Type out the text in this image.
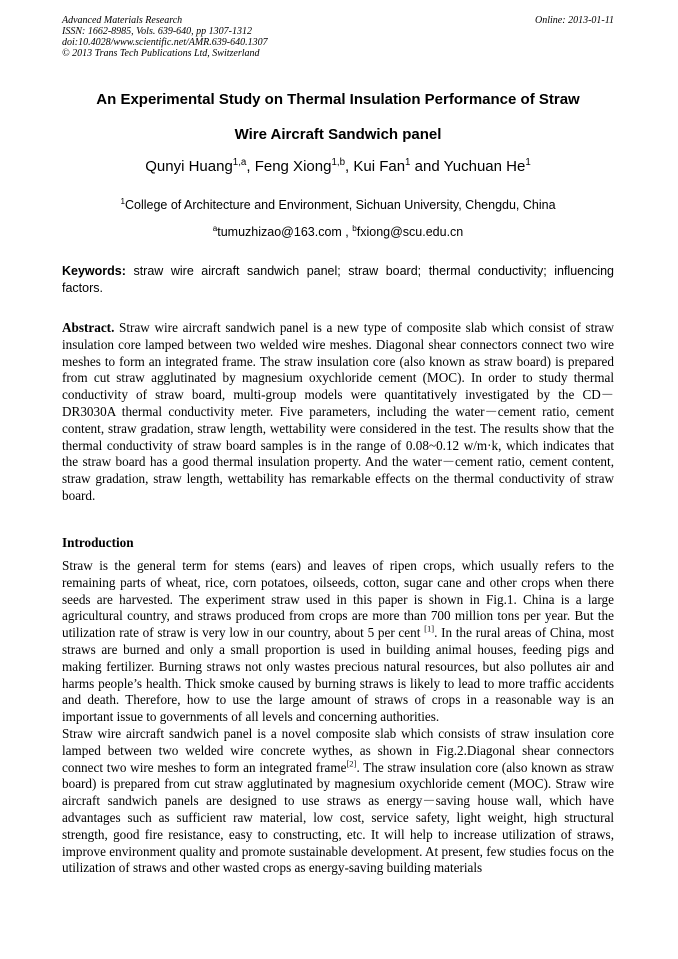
Advanced Materials Research
ISSN: 1662-8985, Vols. 639-640, pp 1307-1312
doi:10.4028/www.scientific.net/AMR.639-640.1307
© 2013 Trans Tech Publications Ltd, Switzerland
Online: 2013-01-11
An Experimental Study on Thermal Insulation Performance of Straw
Wire Aircraft Sandwich panel
Qunyi Huang$^{1,a}$, Feng Xiong$^{1,b}$, Kui Fan$^1$ and Yuchuan He$^1$
$^1$College of Architecture and Environment, Sichuan University, Chengdu, China
$^a$tumuzhizao@163.com , $^b$fxiong@scu.edu.cn
Keywords: straw wire aircraft sandwich panel; straw board; thermal conductivity; influencing factors.

Abstract. Straw wire aircraft sandwich panel is a new type of composite slab which consist of straw insulation core lamped between two welded wire meshes. Diagonal shear connectors connect two wire meshes to form an integrated frame. The straw insulation core (also known as straw board) is prepared from cut straw agglutinated by magnesium oxychloride cement (MOC). In order to study thermal conductivity of straw board, multi-group models were quantitatively investigated by the CD－DR3030A thermal conductivity meter. Five parameters, including the water－cement ratio, cement content, straw gradation, straw length, wettability were considered in the test. The results show that the thermal conductivity of straw board samples is in the range of 0.08~0.12 w/m·k, which indicates that the straw board has a good thermal insulation property. And the water－cement ratio, cement content, straw gradation, straw length, wettability has remarkable effects on the thermal conductivity of straw board.

Introduction

Straw is the general term for stems (ears) and leaves of ripen crops, which usually refers to the remaining parts of wheat, rice, corn potatoes, oilseeds, cotton, sugar cane and other crops when there seeds are harvested. The experiment straw used in this paper is shown in Fig.1. China is a large agricultural country, and straws produced from crops are more than 700 million tons per year. But the utilization rate of straw is very low in our country, about 5 per cent [1]. In the rural areas of China, most straws are burned and only a small proportion is used in building animal houses, feeding pigs and making fertilizer. Burning straws not only wastes precious natural resources, but also pollutes air and harms people’s health. Thick smoke caused by burning straws is likely to lead to more traffic accidents and death. Therefore, how to use the large amount of straws of crops in a reasonable way is an important issue to governments of all levels and concerning authorities.

Straw wire aircraft sandwich panel is a novel composite slab which consists of straw insulation core lamped between two welded wire concrete wythes, as shown in Fig.2.Diagonal shear connectors connect two wire meshes to form an integrated frame[2]. The straw insulation core (also known as straw board) is prepared from cut straw agglutinated by magnesium oxychloride cement (MOC). Straw wire aircraft sandwich panels are designed to use straws as energy－saving house wall, which have advantages such as sufficient raw material, low cost, service safety, light weight, high structural strength, good fire resistance, easy to constructing, etc. It will help to increase utilization of straws, improve environment quality and promote sustainable development. At present, few studies focus on the utilization of straws and other wasted crops as energy-saving building materials
